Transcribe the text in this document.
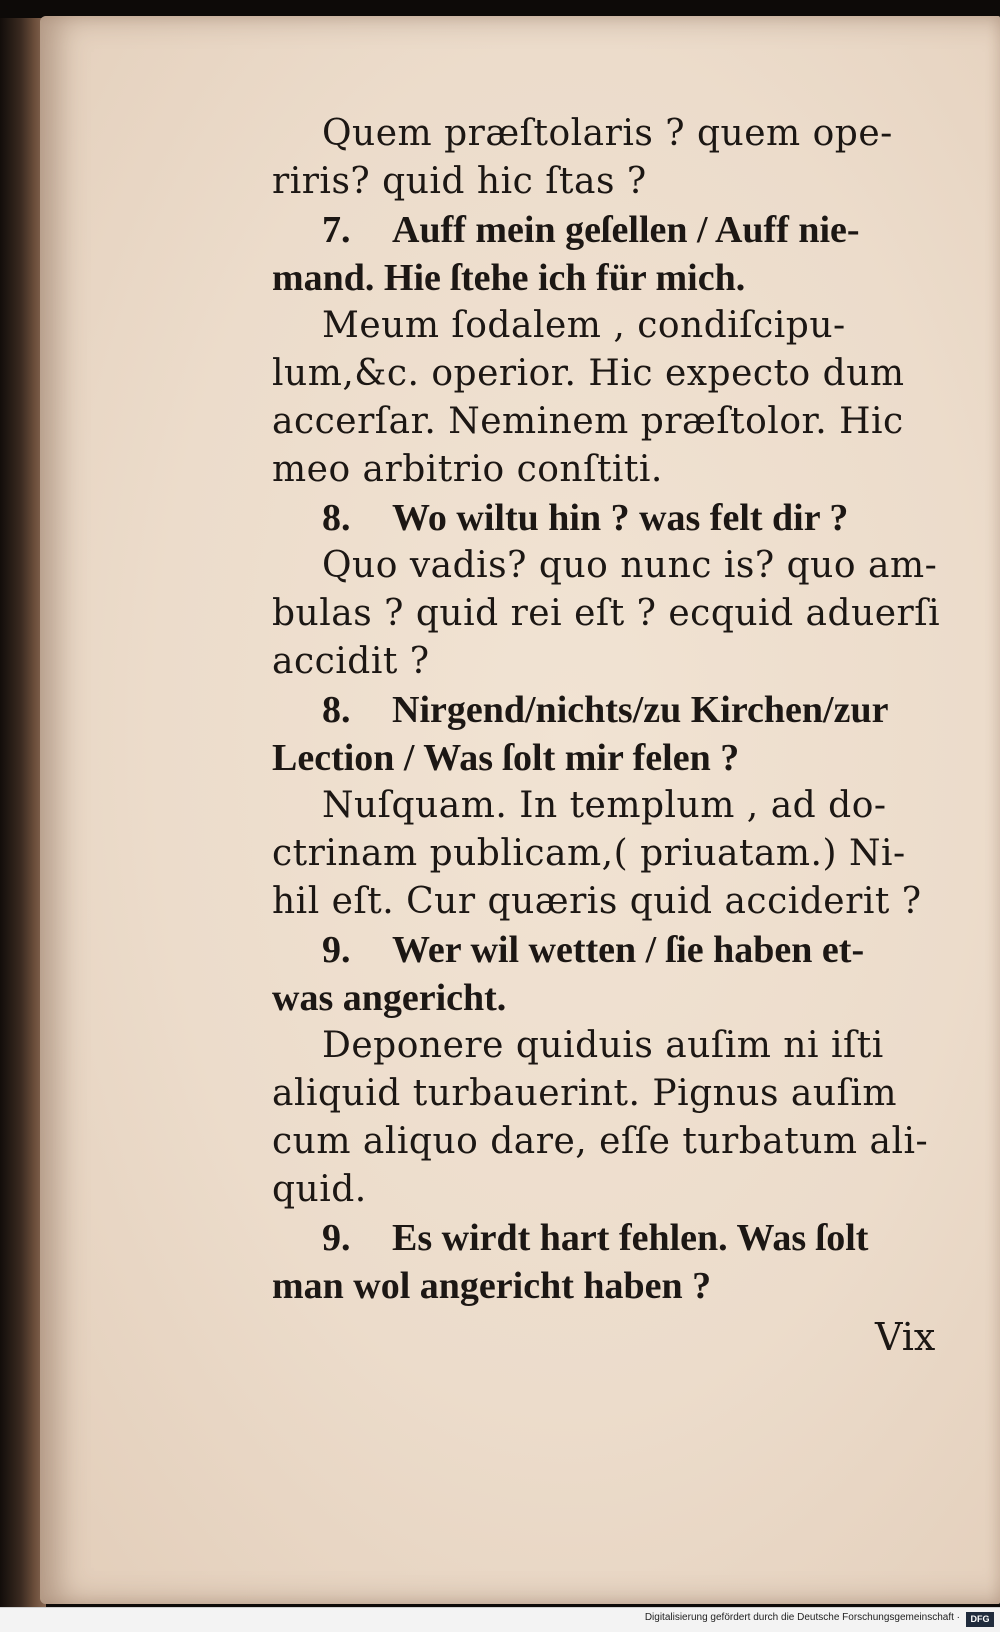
Quem præſtolaris ? quem ope-
riris? quid hic ſtas ?
7. Auff mein geſellen / Auff nie-
mand. Hie ſtehe ich für mich.
Meum ſodalem , condiſcipu-
lum,&c. operior. Hic expecto dum
accerſar. Neminem præſtolor. Hic
meo arbitrio conſtiti.
8. Wo wiltu hin ? was felt dir ?
Quo vadis? quo nunc is? quo am-
bulas ? quid rei eſt ? ecquid aduerſi
accidit ?
8. Nirgend/nichts/zu Kirchen/zur
Lection / Was ſolt mir felen ?
Nuſquam. In templum , ad do-
ctrinam publicam,( priuatam.) Ni-
hil eſt. Cur quæris quid acciderit ?
9. Wer wil wetten / ſie haben et-
was angericht.
Deponere quiduis auſim ni iſti
aliquid turbauerint. Pignus auſim
cum aliquo dare, eſſe turbatum ali-
quid.
9. Es wirdt hart fehlen. Was ſolt
man wol angericht haben ?
Vix
Digitalisierung gefördert durch die Deutsche Forschungsgemeinschaft ·	DFG
